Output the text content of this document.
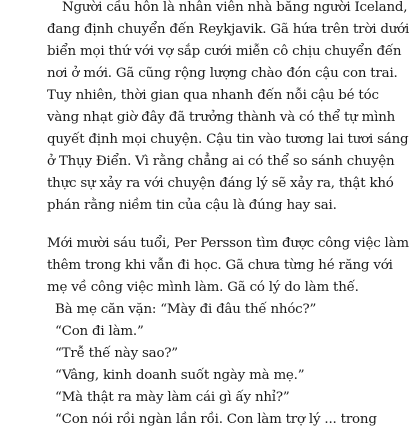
Người cầu hôn là nhân viên nhà băng người Iceland,
đang định chuyển đến Reykjavik. Gã hứa trên trời dưới
biển mọi thứ với vợ sắp cưới miễn cô chịu chuyển đến
nơi ở mới. Gã cũng rộng lượng chào đón cậu con trai.
Tuy nhiên, thời gian qua nhanh đến nỗi cậu bé tóc
vàng nhạt giờ đây đã trưởng thành và có thể tự mình
quyết định mọi chuyện. Cậu tin vào tương lai tươi sáng
ở Thụy Điển. Vì rằng chẳng ai có thể so sánh chuyện
thực sự xảy ra với chuyện đáng lý sẽ xảy ra, thật khó
phán rằng niềm tin của cậu là đúng hay sai.
Mới mười sáu tuổi, Per Persson tìm được công việc làm
thêm trong khi vẫn đi học. Gã chưa từng hé răng với
mẹ về công việc mình làm. Gã có lý do làm thế.
Bà mẹ căn vặn: “Mày đi đâu thế nhóc?”
“Con đi làm.”
“Trễ thế này sao?”
“Vâng, kinh doanh suốt ngày mà mẹ.”
“Mà thật ra mày làm cái gì ấy nhỉ?”
“Con nói rồi ngàn lần rồi. Con làm trợ lý ... trong
